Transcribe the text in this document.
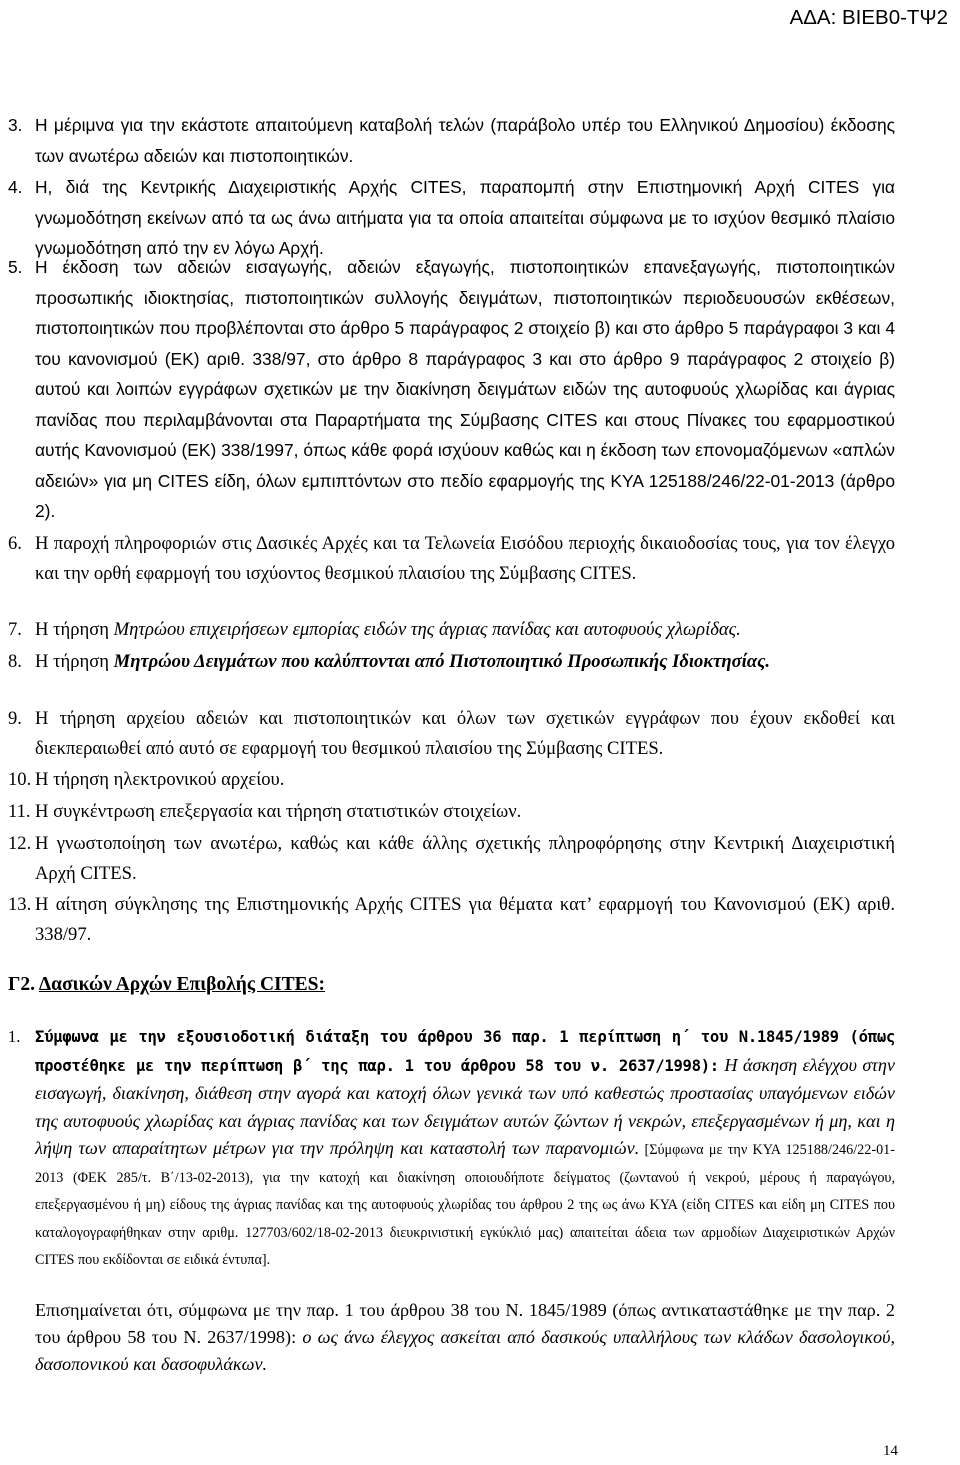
ΑΔΑ: ΒΙΕΒ0-ΤΨ2
3. Η μέριμνα για την εκάστοτε απαιτούμενη καταβολή τελών (παράβολο υπέρ του Ελληνικού Δημοσίου) έκδοσης των ανωτέρω αδειών και πιστοποιητικών.
4. Η, διά της Κεντρικής Διαχειριστικής Αρχής CITES, παραπομπή στην Επιστημονική Αρχή CITES για γνωμοδότηση εκείνων από τα ως άνω αιτήματα για τα οποία απαιτείται σύμφωνα με το ισχύον θεσμικό πλαίσιο γνωμοδότηση από την εν λόγω Αρχή.
5. Η έκδοση των αδειών εισαγωγής, αδειών εξαγωγής, πιστοποιητικών επανεξαγωγής, πιστοποιητικών προσωπικής ιδιοκτησίας, πιστοποιητικών συλλογής δειγμάτων, πιστοποιητικών περιοδευουσών εκθέσεων, πιστοποιητικών που προβλέπονται στο άρθρο 5 παράγραφος 2 στοιχείο β) και στο άρθρο 5 παράγραφοι 3 και 4 του κανονισμού (ΕΚ) αριθ. 338/97, στο άρθρο 8 παράγραφος 3 και στο άρθρο 9 παράγραφος 2 στοιχείο β) αυτού και λοιπών εγγράφων σχετικών με την διακίνηση δειγμάτων ειδών της αυτοφυούς χλωρίδας και άγριας πανίδας που περιλαμβάνονται στα Παραρτήματα της Σύμβασης CITES και στους Πίνακες του εφαρμοστικού αυτής Κανονισμού (ΕΚ) 338/1997, όπως κάθε φορά ισχύουν καθώς και η έκδοση των επονομαζόμενων «απλών αδειών» για μη CITES είδη, όλων εμπιπτόντων στο πεδίο εφαρμογής της ΚΥΑ 125188/246/22-01-2013 (άρθρο 2).
6. Η παροχή πληροφοριών στις Δασικές Αρχές και τα Τελωνεία Εισόδου περιοχής δικαιοδοσίας τους, για τον έλεγχο και την ορθή εφαρμογή του ισχύοντος θεσμικού πλαισίου της Σύμβασης CITES.
7. Η τήρηση Μητρώου επιχειρήσεων εμπορίας ειδών της άγριας πανίδας και αυτοφυούς χλωρίδας.
8. Η τήρηση Μητρώου Δειγμάτων που καλύπτονται από Πιστοποιητικό Προσωπικής Ιδιοκτησίας.
9. Η τήρηση αρχείου αδειών και πιστοποιητικών και όλων των σχετικών εγγράφων που έχουν εκδοθεί και διεκπεραιωθεί από αυτό σε εφαρμογή του θεσμικού πλαισίου της Σύμβασης CITES.
10. Η τήρηση ηλεκτρονικού αρχείου.
11. Η συγκέντρωση επεξεργασία και τήρηση στατιστικών στοιχείων.
12. Η γνωστοποίηση των ανωτέρω, καθώς και κάθε άλλης σχετικής πληροφόρησης στην Κεντρική Διαχειριστική Αρχή CITES.
13. Η αίτηση σύγκλησης της Επιστημονικής Αρχής CITES για θέματα κατ’ εφαρμογή του Κανονισμού (ΕΚ) αριθ. 338/97.
Γ2. Δασικών Αρχών Επιβολής CITES:
1. Σύμφωνα με την εξουσιοδοτική διάταξη του άρθρου 36 παρ. 1 περίπτωση η΄ του Ν.1845/1989 (όπως προστέθηκε με την περίπτωση β΄ της παρ. 1 του άρθρου 58 του ν. 2637/1998): Η άσκηση ελέγχου στην εισαγωγή, διακίνηση, διάθεση στην αγορά και κατοχή όλων γενικά των υπό καθεστώς προστασίας υπαγόμενων ειδών της αυτοφυούς χλωρίδας και άγριας πανίδας και των δειγμάτων αυτών ζώντων ή νεκρών, επεξεργασμένων ή μη, και η λήψη των απαραίτητων μέτρων για την πρόληψη και καταστολή των παρανομιών. [Σύμφωνα με την ΚΥΑ 125188/246/22-01-2013 (ΦΕΚ 285/τ. Β΄/13-02-2013), για την κατοχή και διακίνηση οποιουδήποτε δείγματος (ζωντανού ή νεκρού, μέρους ή παραγώγου, επεξεργασμένου ή μη) είδους της άγριας πανίδας και της αυτοφυούς χλωρίδας του άρθρου 2 της ως άνω ΚΥΑ (είδη CITES και είδη μη CITES που καταλογογραφήθηκαν στην αριθμ. 127703/602/18-02-2013 διευκρινιστική εγκύκλιό μας) απαιτείται άδεια των αρμοδίων Διαχειριστικών Αρχών CITES που εκδίδονται σε ειδικά έντυπα].
Επισημαίνεται ότι, σύμφωνα με την παρ. 1 του άρθρου 38 του Ν. 1845/1989 (όπως αντικαταστάθηκε με την παρ. 2 του άρθρου 58 του Ν. 2637/1998): ο ως άνω έλεγχος ασκείται από δασικούς υπαλλήλους των κλάδων δασολογικού, δασοπονικού και δασοφυλάκων.
14
